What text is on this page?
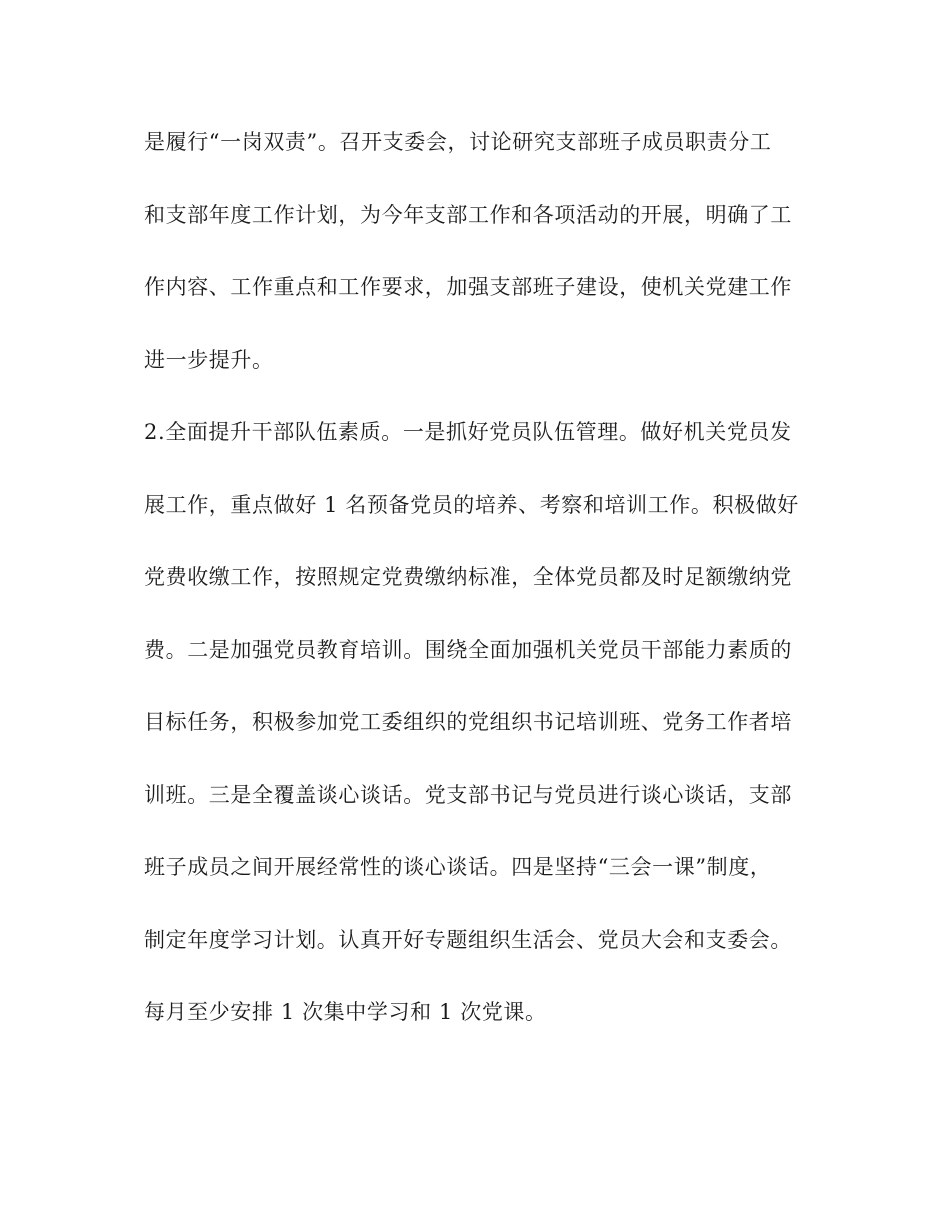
是履行“一岗双责”。召开支委会，讨论研究支部班子成员职责分工
和支部年度工作计划，为今年支部工作和各项活动的开展，明确了工
作内容、工作重点和工作要求，加强支部班子建设，使机关党建工作
进一步提升。
2.全面提升干部队伍素质。一是抓好党员队伍管理。做好机关党员发
展工作，重点做好 1 名预备党员的培养、考察和培训工作。积极做好
党费收缴工作，按照规定党费缴纳标准，全体党员都及时足额缴纳党
费。二是加强党员教育培训。围绕全面加强机关党员干部能力素质的
目标任务，积极参加党工委组织的党组织书记培训班、党务工作者培
训班。三是全覆盖谈心谈话。党支部书记与党员进行谈心谈话，支部
班子成员之间开展经常性的谈心谈话。四是坚持“三会一课”制度，
制定年度学习计划。认真开好专题组织生活会、党员大会和支委会。
每月至少安排 1 次集中学习和 1 次党课。
